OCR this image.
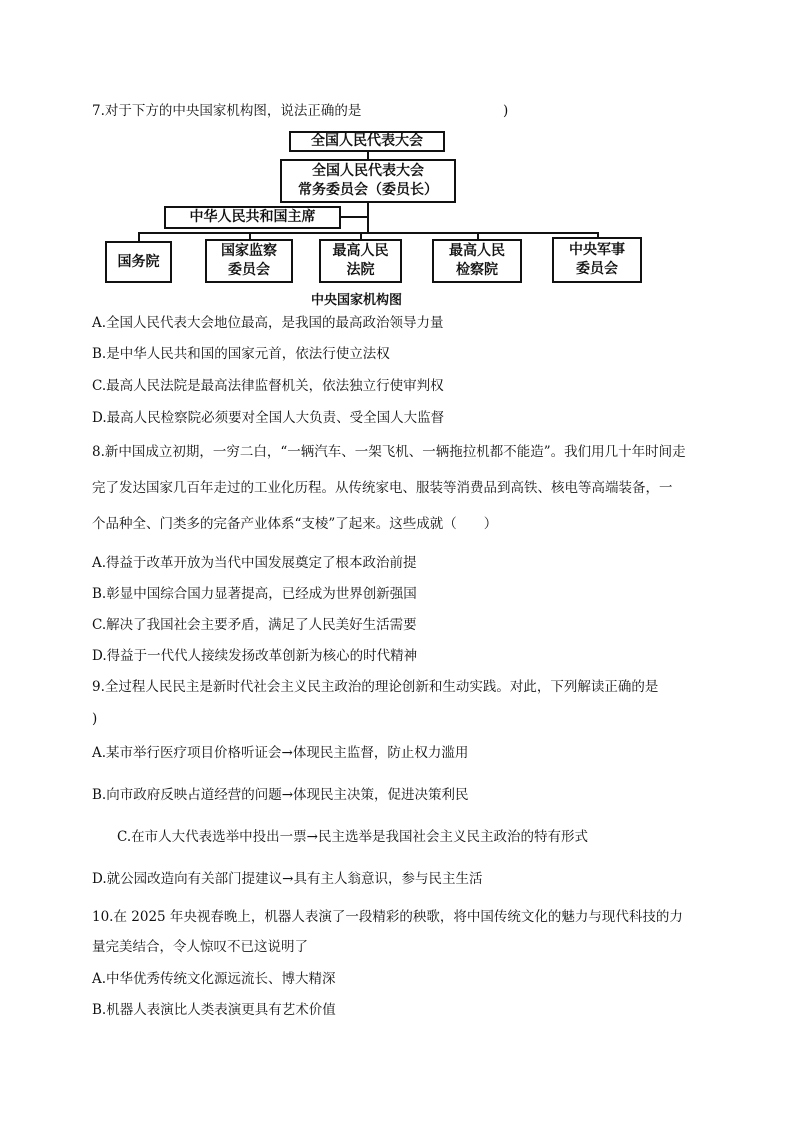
7.对于下方的中央国家机构图，说法正确的是	)
全国人民代表大会
全国人民代表大会
常务委员会（委员长）
中华人民共和国主席
国务院
国家监察
委员会
最高人民
法院
最高人民
检察院
中央军事
委员会
中央国家机构图
A.全国人民代表大会地位最高，是我国的最高政治领导力量
B.是中华人民共和国的国家元首，依法行使立法权
C.最高人民法院是最高法律监督机关，依法独立行使审判权
D.最高人民检察院必须要对全国人大负责、受全国人大监督
8.新中国成立初期，一穷二白，“一辆汽车、一架飞机、一辆拖拉机都不能造”。我们用几十年时间走
完了发达国家几百年走过的工业化历程。从传统家电、服装等消费品到高铁、核电等高端装备，一
个品种全、门类多的完备产业体系“支棱”了起来。这些成就（　　）
A.得益于改革开放为当代中国发展奠定了根本政治前提
B.彰显中国综合国力显著提高，已经成为世界创新强国
C.解决了我国社会主要矛盾，满足了人民美好生活需要
D.得益于一代代人接续发扬改革创新为核心的时代精神
9.全过程人民民主是新时代社会主义民主政治的理论创新和生动实践。对此，下列解读正确的是
)
A.某市举行医疗项目价格听证会→体现民主监督，防止权力滥用
B.向市政府反映占道经营的问题→体现民主决策，促进决策利民
C.在市人大代表选举中投出一票→民主选举是我国社会主义民主政治的特有形式
D.就公园改造向有关部门提建议→具有主人翁意识，参与民主生活
10.在 2025 年央视春晚上，机器人表演了一段精彩的秧歌，将中国传统文化的魅力与现代科技的力
量完美结合，令人惊叹不已这说明了
A.中华优秀传统文化源远流长、博大精深
B.机器人表演比人类表演更具有艺术价值
